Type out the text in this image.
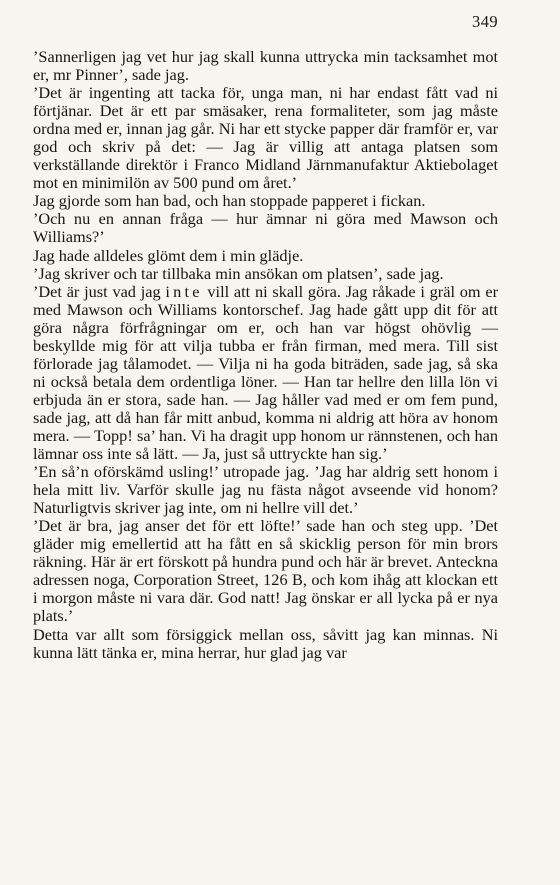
349

’Sannerligen jag vet hur jag skall kunna uttrycka min tacksamhet mot er, mr Pinner’, sade jag.

’Det är ingenting att tacka för, unga man, ni har endast fått vad ni förtjänar. Det är ett par smäsaker, rena formaliteter, som jag måste ordna med er, innan jag går. Ni har ett stycke papper där framför er, var god och skriv på det: — Jag är villig att antaga platsen som verkställande direktör i Franco Midland Järnmanufaktur Aktiebolaget mot en minimilön av 500 pund om året.’

Jag gjorde som han bad, och han stoppade papperet i fickan.

’Och nu en annan fråga — hur ämnar ni göra med Mawson och Williams?’

Jag hade alldeles glömt dem i min glädje.

’Jag skriver och tar tillbaka min ansökan om platsen’, sade jag.

’Det är just vad jag inte vill att ni skall göra. Jag råkade i gräl om er med Mawson och Williams kontorschef. Jag hade gått upp dit för att göra några förfrågningar om er, och han var högst ohövlig — beskyllde mig för att vilja tubba er från firman, med mera. Till sist förlorade jag tålamodet. — Vilja ni ha goda biträden, sade jag, så ska ni också betala dem ordentliga löner. — Han tar hellre den lilla lön vi erbjuda än er stora, sade han. — Jag håller vad med er om fem pund, sade jag, att då han får mitt anbud, komma ni aldrig att höra av honom mera. — Topp! sa’ han. Vi ha dragit upp honom ur rännstenen, och han lämnar oss inte så lätt. — Ja, just så uttryckte han sig.’

’En så’n oförskämd usling!’ utropade jag. ’Jag har aldrig sett honom i hela mitt liv. Varför skulle jag nu fästa något avseende vid honom? Naturligtvis skriver jag inte, om ni hellre vill det.’

’Det är bra, jag anser det för ett löfte!’ sade han och steg upp. ’Det gläder mig emellertid att ha fått en så skicklig person för min brors räkning. Här är ert förskott på hundra pund och här är brevet. Anteckna adressen noga, Corporation Street, 126 B, och kom ihåg att klockan ett i morgon måste ni vara där. God natt! Jag önskar er all lycka på er nya plats.’

Detta var allt som försiggick mellan oss, såvitt jag kan minnas. Ni kunna lätt tänka er, mina herrar, hur glad jag var
